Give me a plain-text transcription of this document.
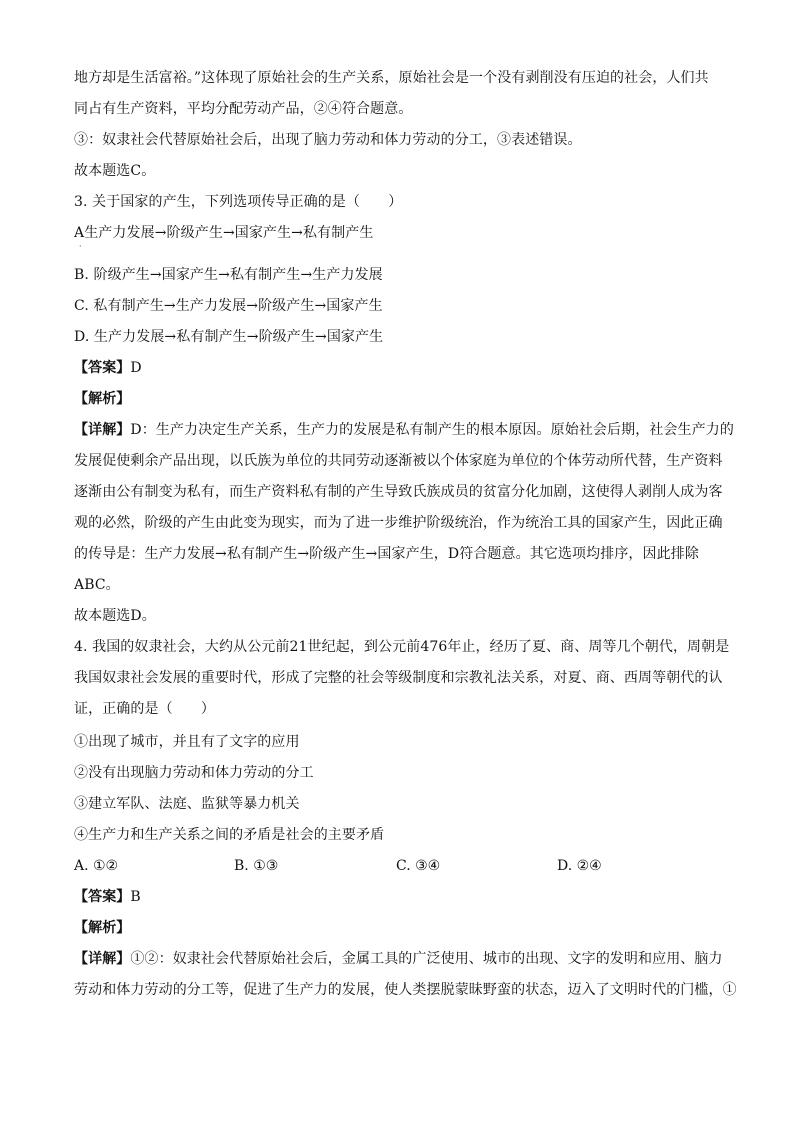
地方却是生活富裕。”这体现了原始社会的生产关系，原始社会是一个没有剥削没有压迫的社会，人们共
同占有生产资料，平均分配劳动产品，②④符合题意。
③：奴隶社会代替原始社会后，出现了脑力劳动和体力劳动的分工，③表述错误。
故本题选C。
3. 关于国家的产生，下列选项传导正确的是（　　）
A生产力发展→阶级产生→国家产生→私有制产生
·
B. 阶级产生→国家产生→私有制产生→生产力发展
C. 私有制产生→生产力发展→阶级产生→国家产生
D. 生产力发展→私有制产生→阶级产生→国家产生
【答案】D
【解析】
【详解】D：生产力决定生产关系，生产力的发展是私有制产生的根本原因。原始社会后期，社会生产力的
发展促使剩余产品出现，以氏族为单位的共同劳动逐渐被以个体家庭为单位的个体劳动所代替，生产资料
逐渐由公有制变为私有，而生产资料私有制的产生导致氏族成员的贫富分化加剧，这使得人剥削人成为客
观的必然，阶级的产生由此变为现实，而为了进一步维护阶级统治，作为统治工具的国家产生，因此正确
的传导是：生产力发展→私有制产生→阶级产生→国家产生，D符合题意。其它选项均排序，因此排除
ABC。
故本题选D。
4. 我国的奴隶社会，大约从公元前21世纪起，到公元前476年止，经历了夏、商、周等几个朝代，周朝是
我国奴隶社会发展的重要时代，形成了完整的社会等级制度和宗教礼法关系，对夏、商、西周等朝代的认
证，正确的是（　　）
①出现了城市，并且有了文字的应用
②没有出现脑力劳动和体力劳动的分工
③建立军队、法庭、监狱等暴力机关
④生产力和生产关系之间的矛盾是社会的主要矛盾
A. ①②	B. ①③	C. ③④	D. ②④
【答案】B
【解析】
【详解】①②：奴隶社会代替原始社会后，金属工具的广泛使用、城市的出现、文字的发明和应用、脑力
劳动和体力劳动的分工等，促进了生产力的发展，使人类摆脱蒙昧野蛮的状态，迈入了文明时代的门槛，①
